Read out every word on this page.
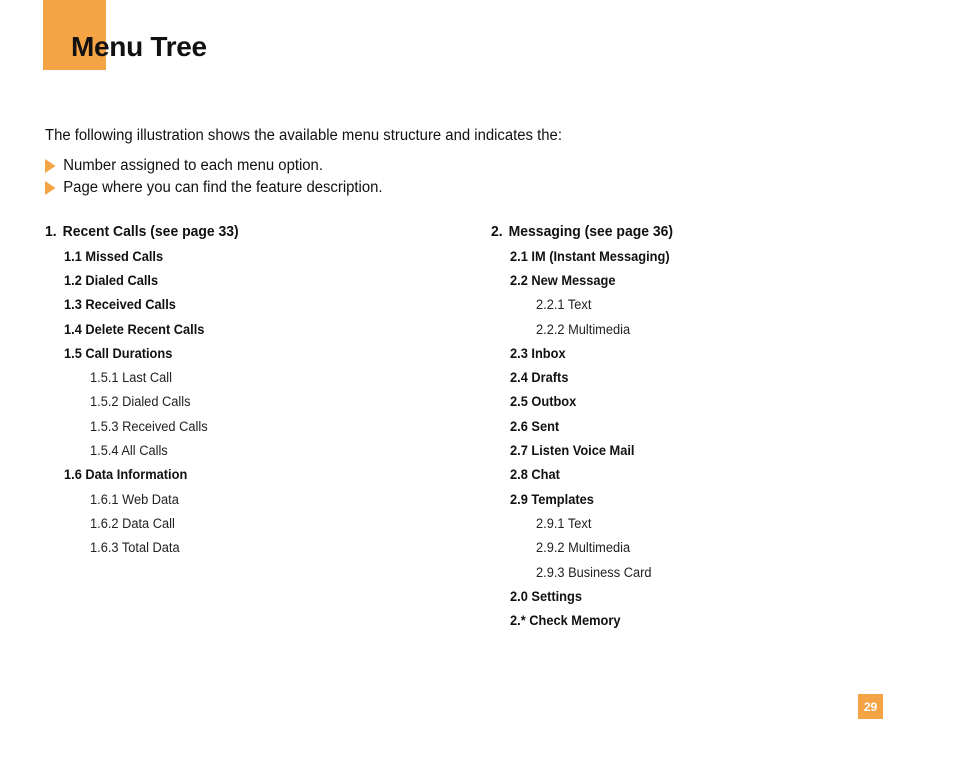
Menu Tree

The following illustration shows the available menu structure and indicates the:

Number assigned to each menu option.
Page where you can find the feature description.
1. Recent Calls (see page 33)
1.1 Missed Calls
1.2 Dialed Calls
1.3 Received Calls
1.4 Delete Recent Calls
1.5 Call Durations
1.5.1 Last Call
1.5.2 Dialed Calls
1.5.3 Received Calls
1.5.4 All Calls
1.6 Data Information
1.6.1 Web Data
1.6.2 Data Call
1.6.3 Total Data
2. Messaging (see page 36)
2.1 IM (Instant Messaging)
2.2 New Message
2.2.1 Text
2.2.2 Multimedia
2.3 Inbox
2.4 Drafts
2.5 Outbox
2.6 Sent
2.7 Listen Voice Mail
2.8 Chat
2.9 Templates
2.9.1 Text
2.9.2 Multimedia
2.9.3 Business Card
2.0 Settings
2.* Check Memory
29
